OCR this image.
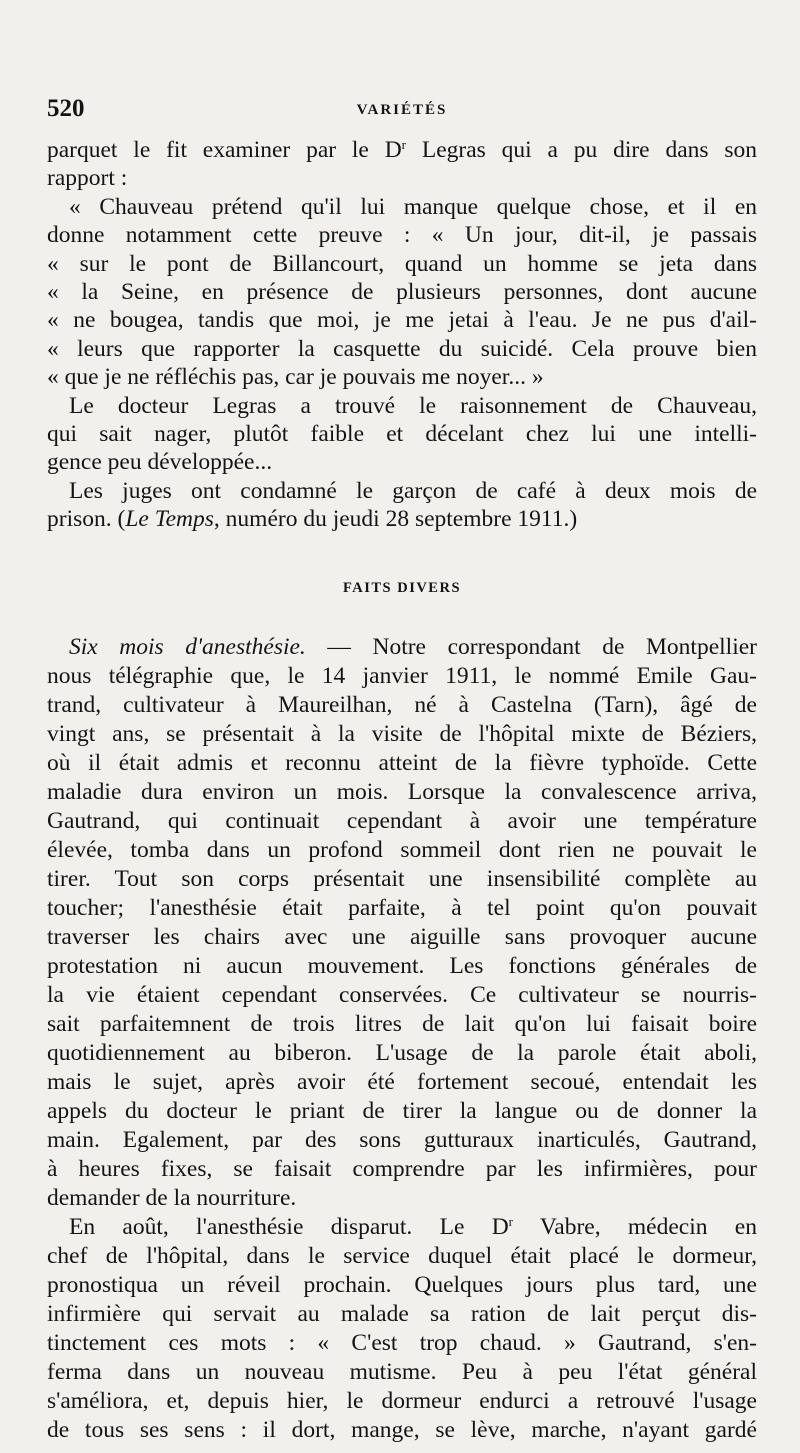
520	VARIÉTÉS
parquet le fit examiner par le $D^r$ Legras qui a pu dire dans son
rapport :
« Chauveau prétend qu'il lui manque quelque chose, et il en
donne notamment cette preuve : « Un jour, dit-il, je passais
« sur le pont de Billancourt, quand un homme se jeta dans
« la Seine, en présence de plusieurs personnes, dont aucune
« ne bougea, tandis que moi, je me jetai à l'eau. Je ne pus d'ail-
« leurs que rapporter la casquette du suicidé. Cela prouve bien
« que je ne réfléchis pas, car je pouvais me noyer... »
Le docteur Legras a trouvé le raisonnement de Chauveau,
qui sait nager, plutôt faible et décelant chez lui une intelli-
gence peu développée...
Les juges ont condamné le garçon de café à deux mois de
prison. (Le Temps, numéro du jeudi 28 septembre 1911.)
FAITS DIVERS
Six mois d'anesthésie. — Notre correspondant de Montpellier
nous télégraphie que, le 14 janvier 1911, le nommé Emile Gau-
trand, cultivateur à Maureilhan, né à Castelna (Tarn), âgé de
vingt ans, se présentait à la visite de l'hôpital mixte de Béziers,
où il était admis et reconnu atteint de la fièvre typhoïde. Cette
maladie dura environ un mois. Lorsque la convalescence arriva,
Gautrand, qui continuait cependant à avoir une température
élevée, tomba dans un profond sommeil dont rien ne pouvait le
tirer. Tout son corps présentait une insensibilité complète au
toucher; l'anesthésie était parfaite, à tel point qu'on pouvait
traverser les chairs avec une aiguille sans provoquer aucune
protestation ni aucun mouvement. Les fonctions générales de
la vie étaient cependant conservées. Ce cultivateur se nourris-
sait parfaitemnent de trois litres de lait qu'on lui faisait boire
quotidiennement au biberon. L'usage de la parole était aboli,
mais le sujet, après avoir été fortement secoué, entendait les
appels du docteur le priant de tirer la langue ou de donner la
main. Egalement, par des sons gutturaux inarticulés, Gautrand,
à heures fixes, se faisait comprendre par les infirmières, pour
demander de la nourriture.
En août, l'anesthésie disparut. Le $D^r$ Vabre, médecin en
chef de l'hôpital, dans le service duquel était placé le dormeur,
pronostiqua un réveil prochain. Quelques jours plus tard, une
infirmière qui servait au malade sa ration de lait perçut dis-
tinctement ces mots : « C'est trop chaud. » Gautrand, s'en-
ferma dans un nouveau mutisme. Peu à peu l'état général
s'améliora, et, depuis hier, le dormeur endurci a retrouvé l'usage
de tous ses sens : il dort, mange, se lève, marche, n'ayant gardé
